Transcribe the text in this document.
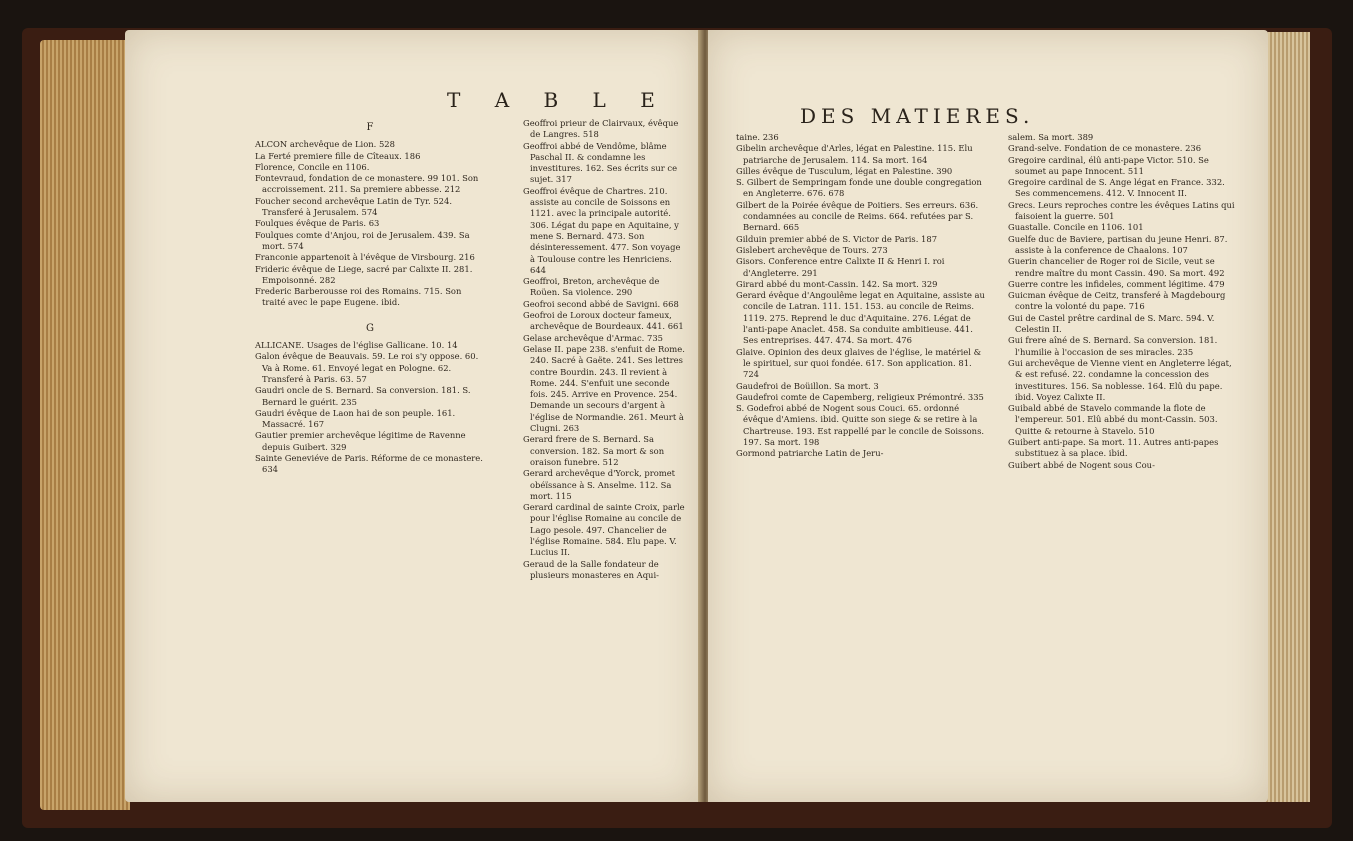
T A B L E
F

ALCON archevêque de Lion. 528

La Ferté premiere fille de Cîteaux. 186

Florence, Concile en 1106.

Fontevraud, fondation de ce monastere. 99 101. Son accroissement. 211. Sa premiere abbesse. 212

Foucher second archevêque Latin de Tyr. 524. Transferé à Jerusalem. 574

Foulques évêque de Paris. 63

Foulques comte d'Anjou, roi de Jerusalem. 439. Sa mort. 574

Franconie appartenoit à l'évêque de Virsbourg. 216

Frideric évêque de Liege, sacré par Calixte II. 281. Empoisonné. 282

Frederic Barberousse roi des Romains. 715. Son traité avec le pape Eugene. ibid.

G

ALLICANE. Usages de l'église Gallicane. 10. 14

Galon évêque de Beauvais. 59. Le roi s'y oppose. 60. Va à Rome. 61. Envoyé legat en Pologne. 62. Transferé à Paris. 63. 57

Gaudri oncle de S. Bernard. Sa conversion. 181. S. Bernard le guérit. 235

Gaudri évêque de Laon hai de son peuple. 161. Massacré. 167

Gautier premier archevêque légitime de Ravenne depuis Guibert. 329

Sainte Geneviéve de Paris. Réforme de ce monastere. 634

Geoffroi prieur de Clairvaux, évêque de Langres. 518

Geoffroi abbé de Vendôme, blâme Paschal II. & condamne les investitures. 162. Ses écrits sur ce sujet. 317

Geoffroi évêque de Chartres. 210. assiste au concile de Soissons en 1121. avec la principale autorité. 306. Légat du pape en Aquitaine, y mene S. Bernard. 473. Son désinteressement. 477. Son voyage à Toulouse contre les Henriciens. 644

Geoffroi, Breton, archevêque de Roüen. Sa violence. 290

Geofroi second abbé de Savigni. 668

Geofroi de Loroux docteur fameux, archevêque de Bourdeaux. 441. 661

Gelase archevêque d'Armac. 735

Gelase II. pape 238. s'enfuit de Rome. 240. Sacré à Gaëte. 241. Ses lettres contre Bourdin. 243. Il revient à Rome. 244. S'enfuit une seconde fois. 245. Arrive en Provence. 254. Demande un secours d'argent à l'église de Normandie. 261. Meurt à Clugni. 263

Gerard frere de S. Bernard. Sa conversion. 182. Sa mort & son oraison funebre. 512

Gerard archevêque d'Yorck, promet obéïssance à S. Anselme. 112. Sa mort. 115

Gerard cardinal de sainte Croix, parle pour l'église Romaine au concile de Lago pesole. 497. Chancelier de l'église Romaine. 584. Elu pape. V. Lucius II.

Geraud de la Salle fondateur de plusieurs monasteres en Aqui-

DES MATIERES.

taine. 236

Gibelin archevêque d'Arles, légat en Palestine. 115. Elu patriarche de Jerusalem. 114. Sa mort. 164

Gilles évêque de Tusculum, légat en Palestine. 390

S. Gilbert de Sempringam fonde une double congregation en Angleterre. 676. 678

Gilbert de la Poirée évêque de Poitiers. Ses erreurs. 636. condamnées au concile de Reims. 664. refutées par S. Bernard. 665

Gilduin premier abbé de S. Victor de Paris. 187

Gislebert archevêque de Tours. 273

Gisors. Conference entre Calixte II & Henri I. roi d'Angleterre. 291

Girard abbé du mont-Cassin. 142. Sa mort. 329

Gerard évêque d'Angoulême legat en Aquitaine, assiste au concile de Latran. 111. 151. 153. au concile de Reims. 1119. 275. Reprend le duc d'Aquitaine. 276. Légat de l'anti-pape Anaclet. 458. Sa conduite ambitieuse. 441. Ses entreprises. 447. 474. Sa mort. 476

Glaive. Opinion des deux glaives de l'église, le matériel & le spirituel, sur quoi fondée. 617. Son application. 81. 724

Gaudefroi de Boüillon. Sa mort. 3

Gaudefroi comte de Capemberg, religieux Prémontré. 335

S. Godefroi abbé de Nogent sous Couci. 65. ordonné évêque d'Amiens. ibid. Quitte son siege & se retire à la Chartreuse. 193. Est rappellé par le concile de Soissons. 197. Sa mort. 198

Gormond patriarche Latin de Jeru-

salem. Sa mort. 389

Grand-selve. Fondation de ce monastere. 236

Gregoire cardinal, élû anti-pape Victor. 510. Se soumet au pape Innocent. 511

Gregoire cardinal de S. Ange légat en France. 332. Ses commencemens. 412. V. Innocent II.

Grecs. Leurs reproches contre les évêques Latins qui faisoient la guerre. 501

Guastalle. Concile en 1106. 101

Guelfe duc de Baviere, partisan du jeune Henri. 87. assiste à la conference de Chaalons. 107

Guerin chancelier de Roger roi de Sicile, veut se rendre maître du mont Cassin. 490. Sa mort. 492

Guerre contre les infideles, comment légitime. 479

Guicman évêque de Ceitz, transferé à Magdebourg contre la volonté du pape. 716

Gui de Castel prêtre cardinal de S. Marc. 594. V. Celestin II.

Gui frere aîné de S. Bernard. Sa conversion. 181. l'humilie à l'occasion de ses miracles. 235

Gui archevêque de Vienne vient en Angleterre légat, & est refusé. 22. condamne la concession des investitures. 156. Sa noblesse. 164. Elû du pape. ibid. Voyez Calixte II.

Guibald abbé de Stavelo commande la flote de l'empereur. 501. Elû abbé du mont-Cassin. 503. Quitte & retourne à Stavelo. 510

Guibert anti-pape. Sa mort. 11. Autres anti-papes substituez à sa place. ibid.

Guibert abbé de Nogent sous Cou-
